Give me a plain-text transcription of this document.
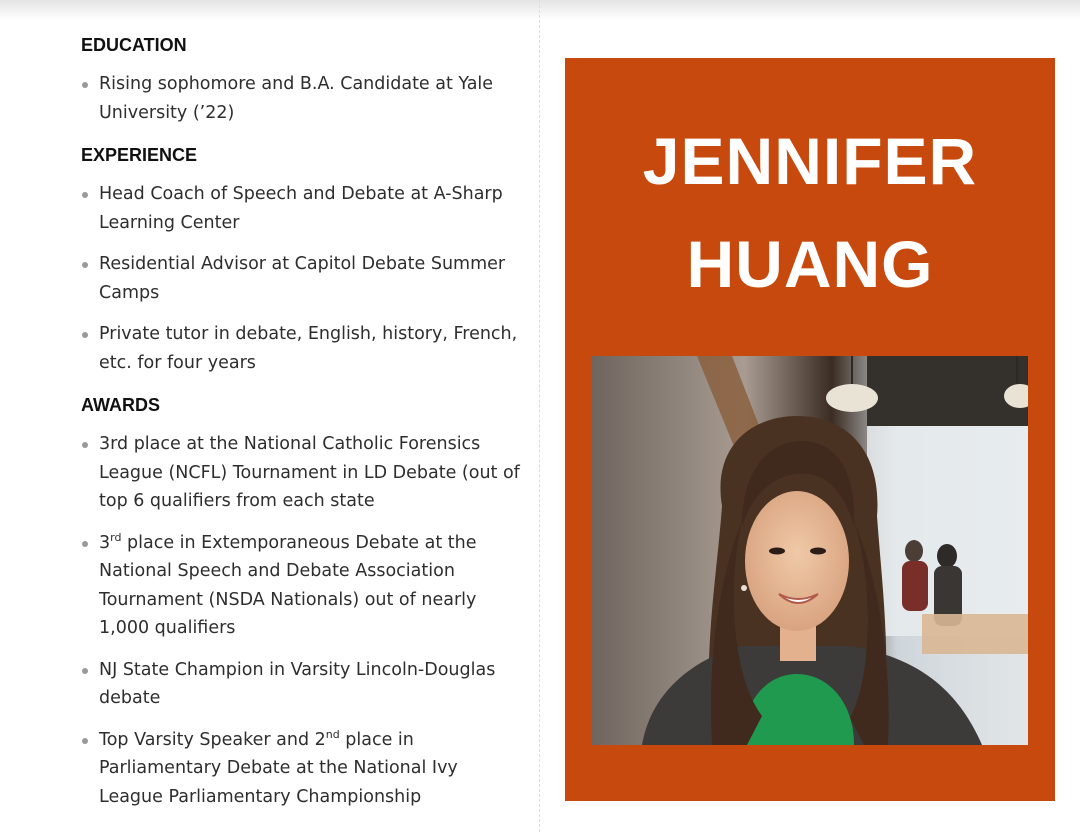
EDUCATION
Rising sophomore and B.A. Candidate at Yale University (’22)
EXPERIENCE
Head Coach of Speech and Debate at A-Sharp Learning Center
Residential Advisor at Capitol Debate Summer Camps
Private tutor in debate, English, history, French, etc. for four years
AWARDS
3rd place at the National Catholic Forensics League (NCFL) Tournament in LD Debate (out of top 6 qualifiers from each state
3rd place in Extemporaneous Debate at the National Speech and Debate Association Tournament (NSDA Nationals) out of nearly 1,000 qualifiers
NJ State Champion in Varsity Lincoln-Douglas debate
Top Varsity Speaker and 2nd place in Parliamentary Debate at the National Ivy League Parliamentary Championship
JENNIFER
HUANG
